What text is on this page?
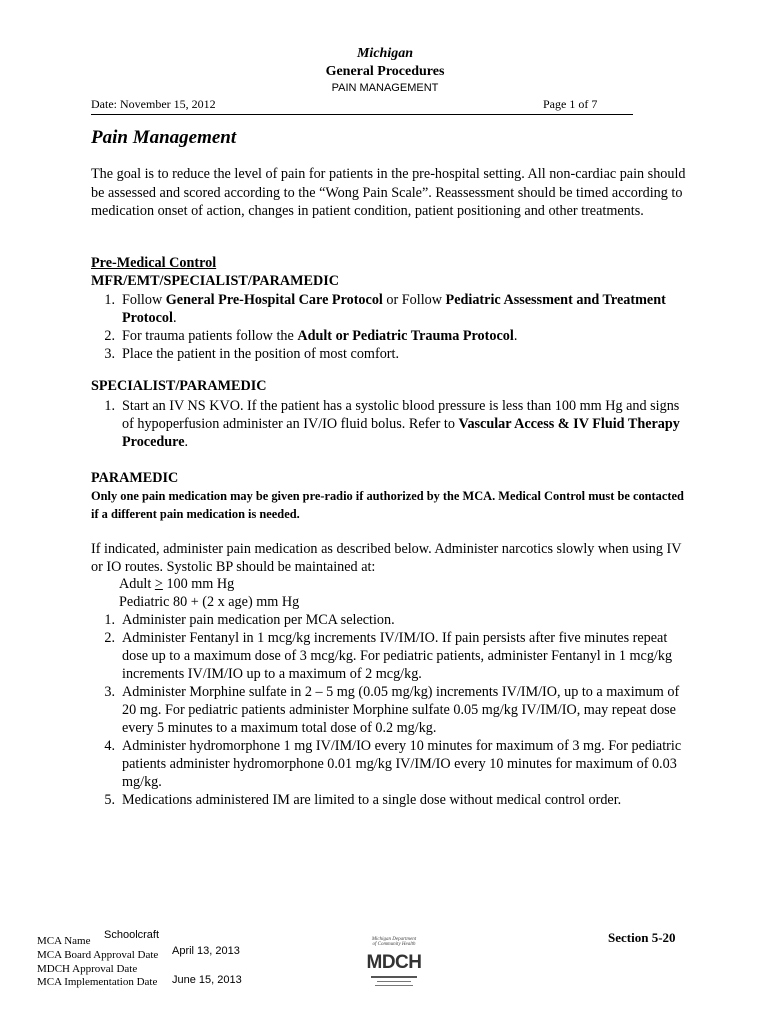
Michigan
General Procedures
PAIN MANAGEMENT
Date: November 15, 2012	Page 1 of 7
Pain Management
The goal is to reduce the level of pain for patients in the pre-hospital setting. All non-cardiac pain should be assessed and scored according to the “Wong Pain Scale”. Reassessment should be timed according to medication onset of action, changes in patient condition, patient positioning and other treatments.
Pre-Medical Control
MFR/EMT/SPECIALIST/PARAMEDIC
1. Follow General Pre-Hospital Care Protocol or Follow Pediatric Assessment and Treatment Protocol.
2. For trauma patients follow the Adult or Pediatric Trauma Protocol.
3. Place the patient in the position of most comfort.
SPECIALIST/PARAMEDIC
1. Start an IV NS KVO. If the patient has a systolic blood pressure is less than 100 mm Hg and signs of hypoperfusion administer an IV/IO fluid bolus. Refer to Vascular Access & IV Fluid Therapy Procedure.
PARAMEDIC
Only one pain medication may be given pre-radio if authorized by the MCA. Medical Control must be contacted if a different pain medication is needed.
If indicated, administer pain medication as described below. Administer narcotics slowly when using IV or IO routes. Systolic BP should be maintained at:
Adult ≥ 100 mm Hg
Pediatric 80 + (2 x age) mm Hg
1. Administer pain medication per MCA selection.
2. Administer Fentanyl in 1 mcg/kg increments IV/IM/IO. If pain persists after five minutes repeat dose up to a maximum dose of 3 mcg/kg. For pediatric patients, administer Fentanyl in 1 mcg/kg increments IV/IM/IO up to a maximum of 2 mcg/kg.
3. Administer Morphine sulfate in 2 – 5 mg (0.05 mg/kg) increments IV/IM/IO, up to a maximum of 20 mg. For pediatric patients administer Morphine sulfate 0.05 mg/kg IV/IM/IO, may repeat dose every 5 minutes to a maximum total dose of 0.2 mg/kg.
4. Administer hydromorphone 1 mg IV/IM/IO every 10 minutes for maximum of 3 mg. For pediatric patients administer hydromorphone 0.01 mg/kg IV/IM/IO every 10 minutes for maximum of 0.03 mg/kg.
5. Medications administered IM are limited to a single dose without medical control order.
MCA Name Schoolcraft
MCA Board Approval Date April 13, 2013
MDCH Approval Date
MCA Implementation Date June 15, 2013
Michigan Department
of Community Health
MDCH
Section 5-20
